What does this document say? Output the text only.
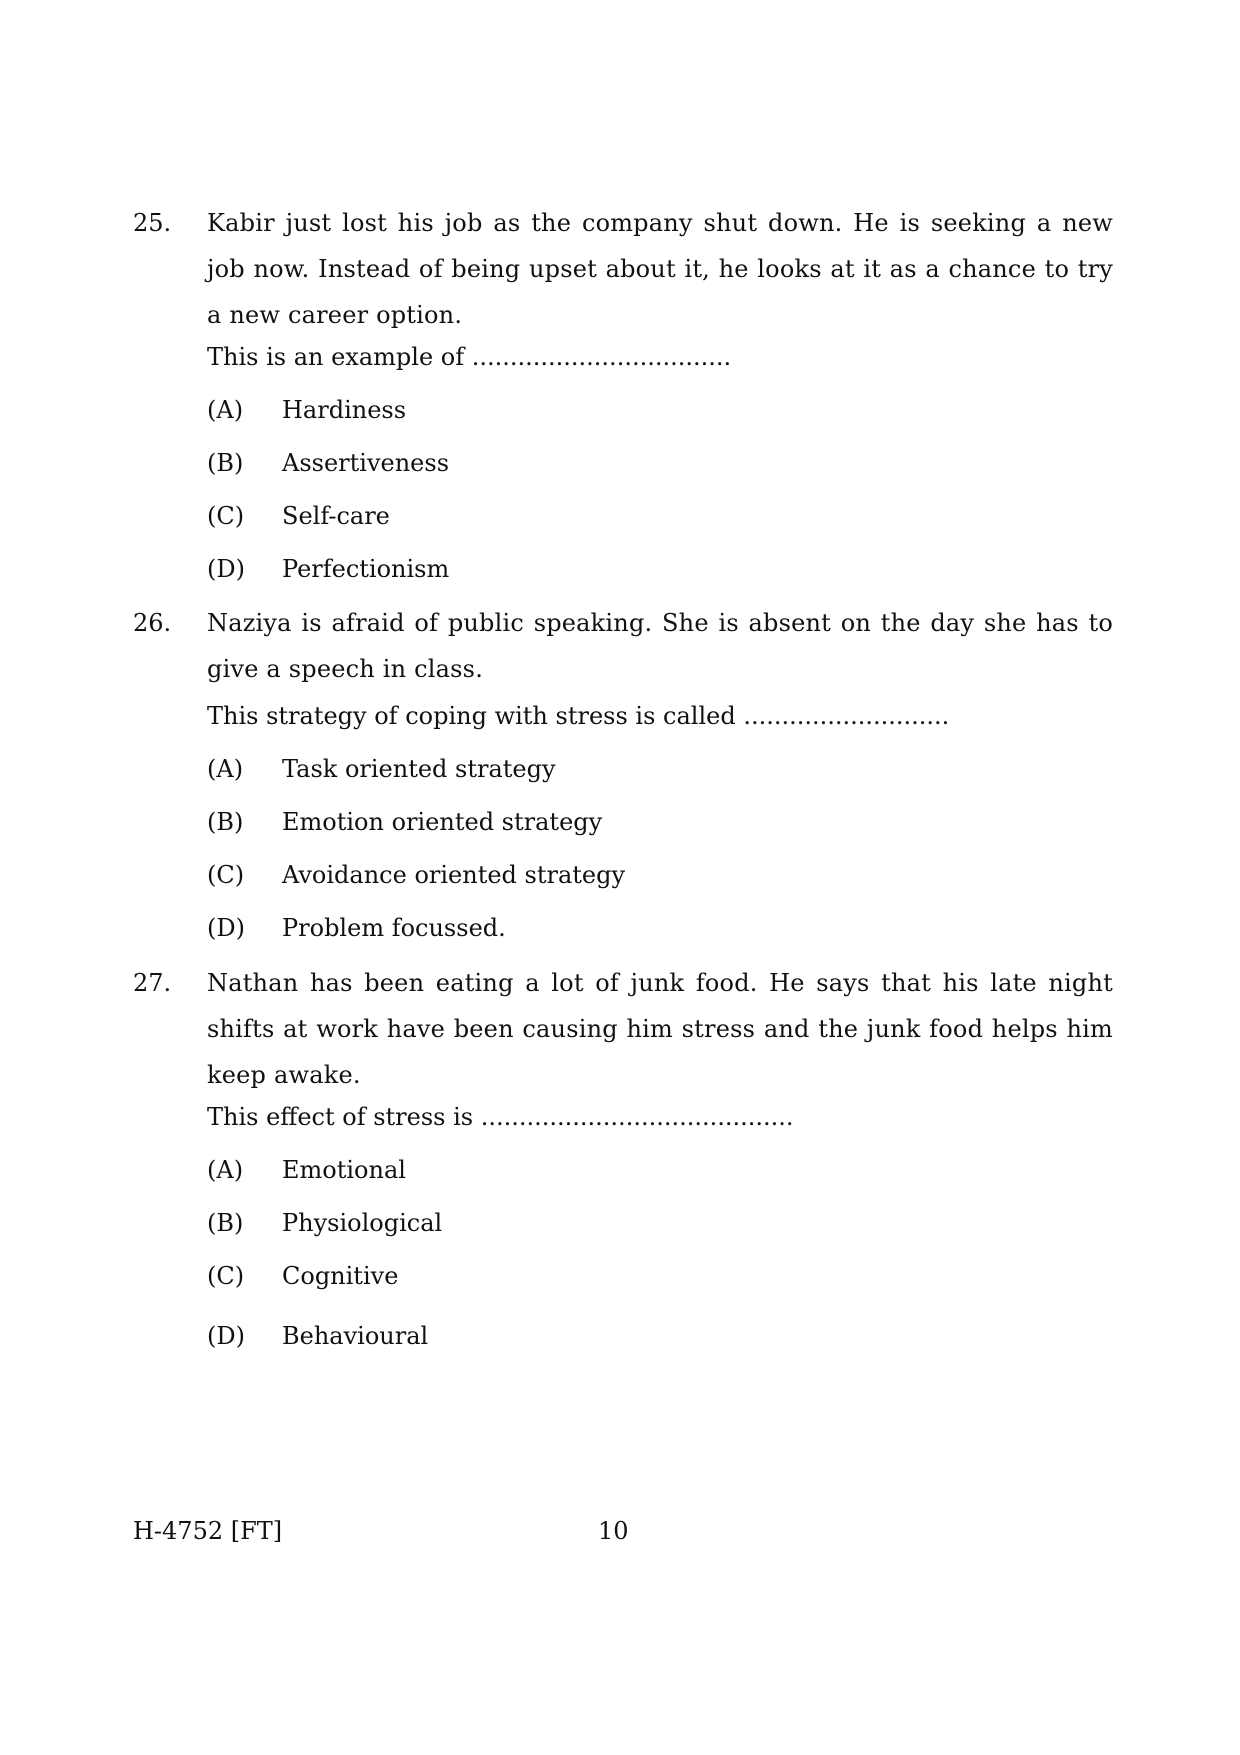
25. Kabir just lost his job as the company shut down. He is seeking a new job now. Instead of being upset about it, he looks at it as a chance to try a new career option.
This is an example of ..................................
(A) Hardiness
(B) Assertiveness
(C) Self-care
(D) Perfectionism
26. Naziya is afraid of public speaking. She is absent on the day she has to give a speech in class.
This strategy of coping with stress is called ...........................
(A) Task oriented strategy
(B) Emotion oriented strategy
(C) Avoidance oriented strategy
(D) Problem focussed.
27. Nathan has been eating a lot of junk food. He says that his late night shifts at work have been causing him stress and the junk food helps him keep awake.
This effect of stress is .........................................
(A) Emotional
(B) Physiological
(C) Cognitive
(D) Behavioural
H-4752 [FT]	10
